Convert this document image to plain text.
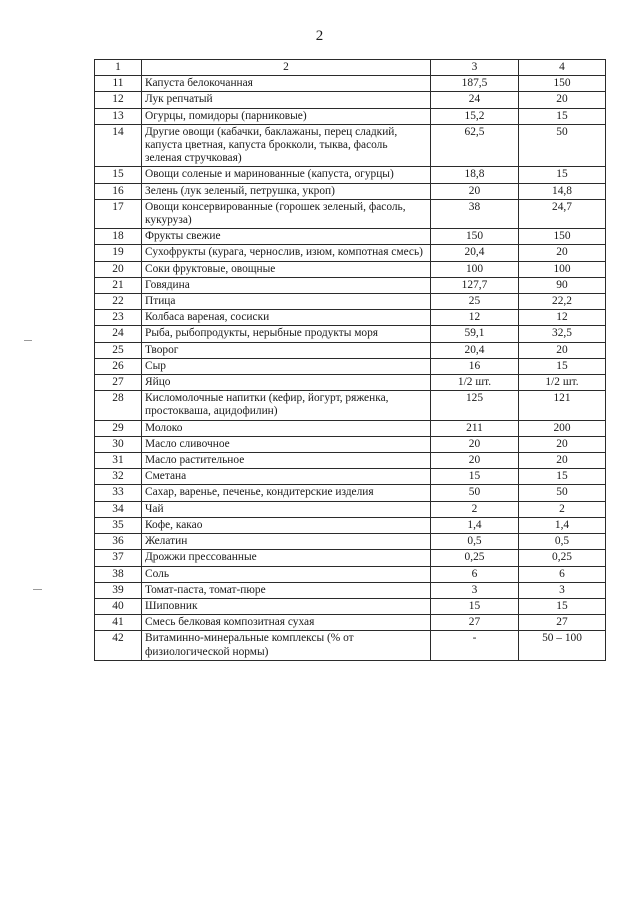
2
1	2	3	4
11	Капуста белокочанная	187,5	150
12	Лук репчатый	24	20
13	Огурцы, помидоры (парниковые)	15,2	15
14	Другие овощи (кабачки, баклажаны, перец сладкий, капуста цветная, капуста брокколи, тыква, фасоль зеленая стручковая)	62,5	50
15	Овощи соленые и маринованные (капуста, огурцы)	18,8	15
16	Зелень (лук зеленый, петрушка, укроп)	20	14,8
17	Овощи консервированные (горошек зеленый, фасоль, кукуруза)	38	24,7
18	Фрукты свежие	150	150
19	Сухофрукты (курага, чернослив, изюм, компотная смесь)	20,4	20
20	Соки фруктовые, овощные	100	100
21	Говядина	127,7	90
22	Птица	25	22,2
23	Колбаса вареная, сосиски	12	12
24	Рыба, рыбопродукты, нерыбные продукты моря	59,1	32,5
25	Творог	20,4	20
26	Сыр	16	15
27	Яйцо	1/2 шт.	1/2 шт.
28	Кисломолочные напитки (кефир, йогурт, ряженка, простокваша, ацидофилин)	125	121
29	Молоко	211	200
30	Масло сливочное	20	20
31	Масло растительное	20	20
32	Сметана	15	15
33	Сахар, варенье, печенье, кондитерские изделия	50	50
34	Чай	2	2
35	Кофе, какао	1,4	1,4
36	Желатин	0,5	0,5
37	Дрожжи прессованные	0,25	0,25
38	Соль	6	6
39	Томат-паста, томат-пюре	3	3
40	Шиповник	15	15
41	Смесь белковая композитная сухая	27	27
42	Витаминно-минеральные комплексы (% от физиологической нормы)	-	50 – 100
